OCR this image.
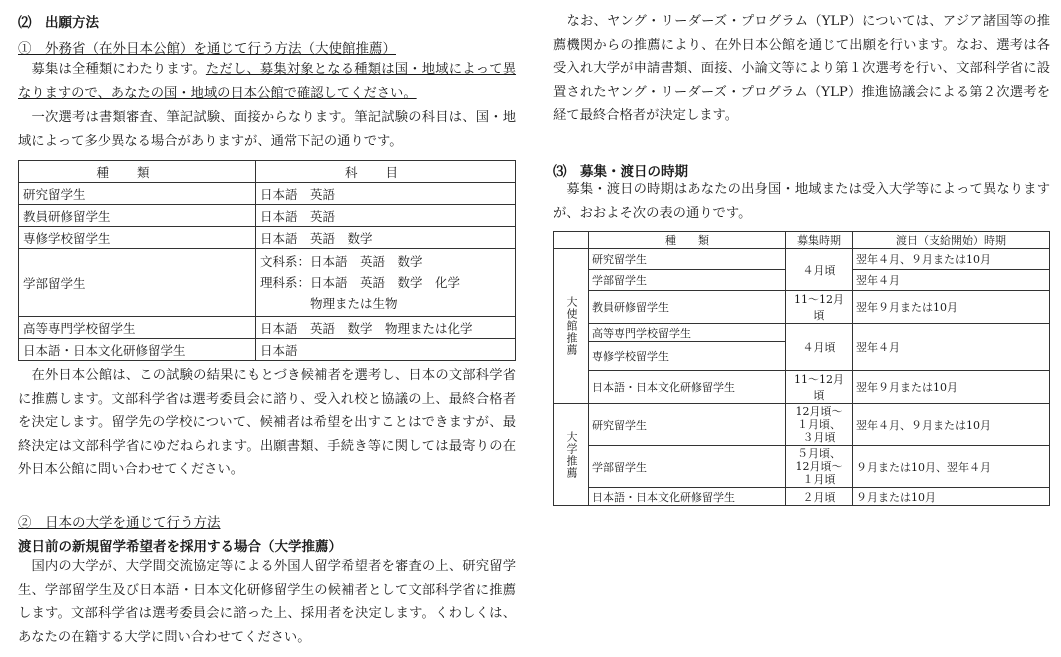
⑵　出願方法
①　外務省（在外日本公館）を通じて行う方法（大使館推薦）
　募集は全種類にわたります。ただし、募集対象となる種類は国・地域によって異なりますので、あなたの国・地域の日本公館で確認してください。
　一次選考は書類審査、筆記試験、面接からなります。筆記試験の科目は、国・地域によって多少異なる場合がありますが、通常下記の通りです。
種類	科目
研究留学生	日本語　英語
教員研修留学生	日本語　英語
専修学校留学生	日本語　英語　数学
学部留学生	文科系：日本語　英語　数学
理科系：日本語　英語　数学　化学
　　　　物理または生物

高等専門学校留学生	日本語　英語　数学　物理または化学
日本語・日本文化研修留学生	日本語
　在外日本公館は、この試験の結果にもとづき候補者を選考し、日本の文部科学省に推薦します。文部科学省は選考委員会に諮り、受入れ校と協議の上、最終合格者を決定します。留学先の学校について、候補者は希望を出すことはできますが、最終決定は文部科学省にゆだねられます。出願書類、手続き等に関しては最寄りの在外日本公館に問い合わせてください。
②　日本の大学を通じて行う方法
渡日前の新規留学希望者を採用する場合（大学推薦）
　国内の大学が、大学間交流協定等による外国人留学希望者を審査の上、研究留学生、学部留学生及び日本語・日本文化研修留学生の候補者として文部科学省に推薦します。文部科学省は選考委員会に諮った上、採用者を決定します。くわしくは、あなたの在籍する大学に問い合わせてください。
　なお、ヤング・リーダーズ・プログラム（YLP）については、アジア諸国等の推薦機関からの推薦により、在外日本公館を通じて出願を行います。なお、選考は各受入れ大学が申請書類、面接、小論文等により第１次選考を行い、文部科学省に設置されたヤング・リーダーズ・プログラム（YLP）推進協議会による第２次選考を経て最終合格者が決定します。
⑶　募集・渡日の時期
　募集・渡日の時期はあなたの出身国・地域または受入大学等によって異なりますが、おおよそ次の表の通りです。
	種　　類	募集時期	渡日（支給開始）時期
大使館推薦	研究留学生	４月頃	翌年４月、９月または10月
	学部留学生		翌年４月
	教員研修留学生	11～12月頃	翌年９月または10月
	高等専門学校留学生	４月頃	翌年４月
	専修学校留学生		
	日本語・日本文化研修留学生	11～12月頃	翌年９月または10月
大学推薦	研究留学生	12月頃～
１月頃、
３月頃	翌年４月、９月または10月
	学部留学生	５月頃、
12月頃～
１月頃	９月または10月、翌年４月
	日本語・日本文化研修留学生	２月頃	９月または10月
